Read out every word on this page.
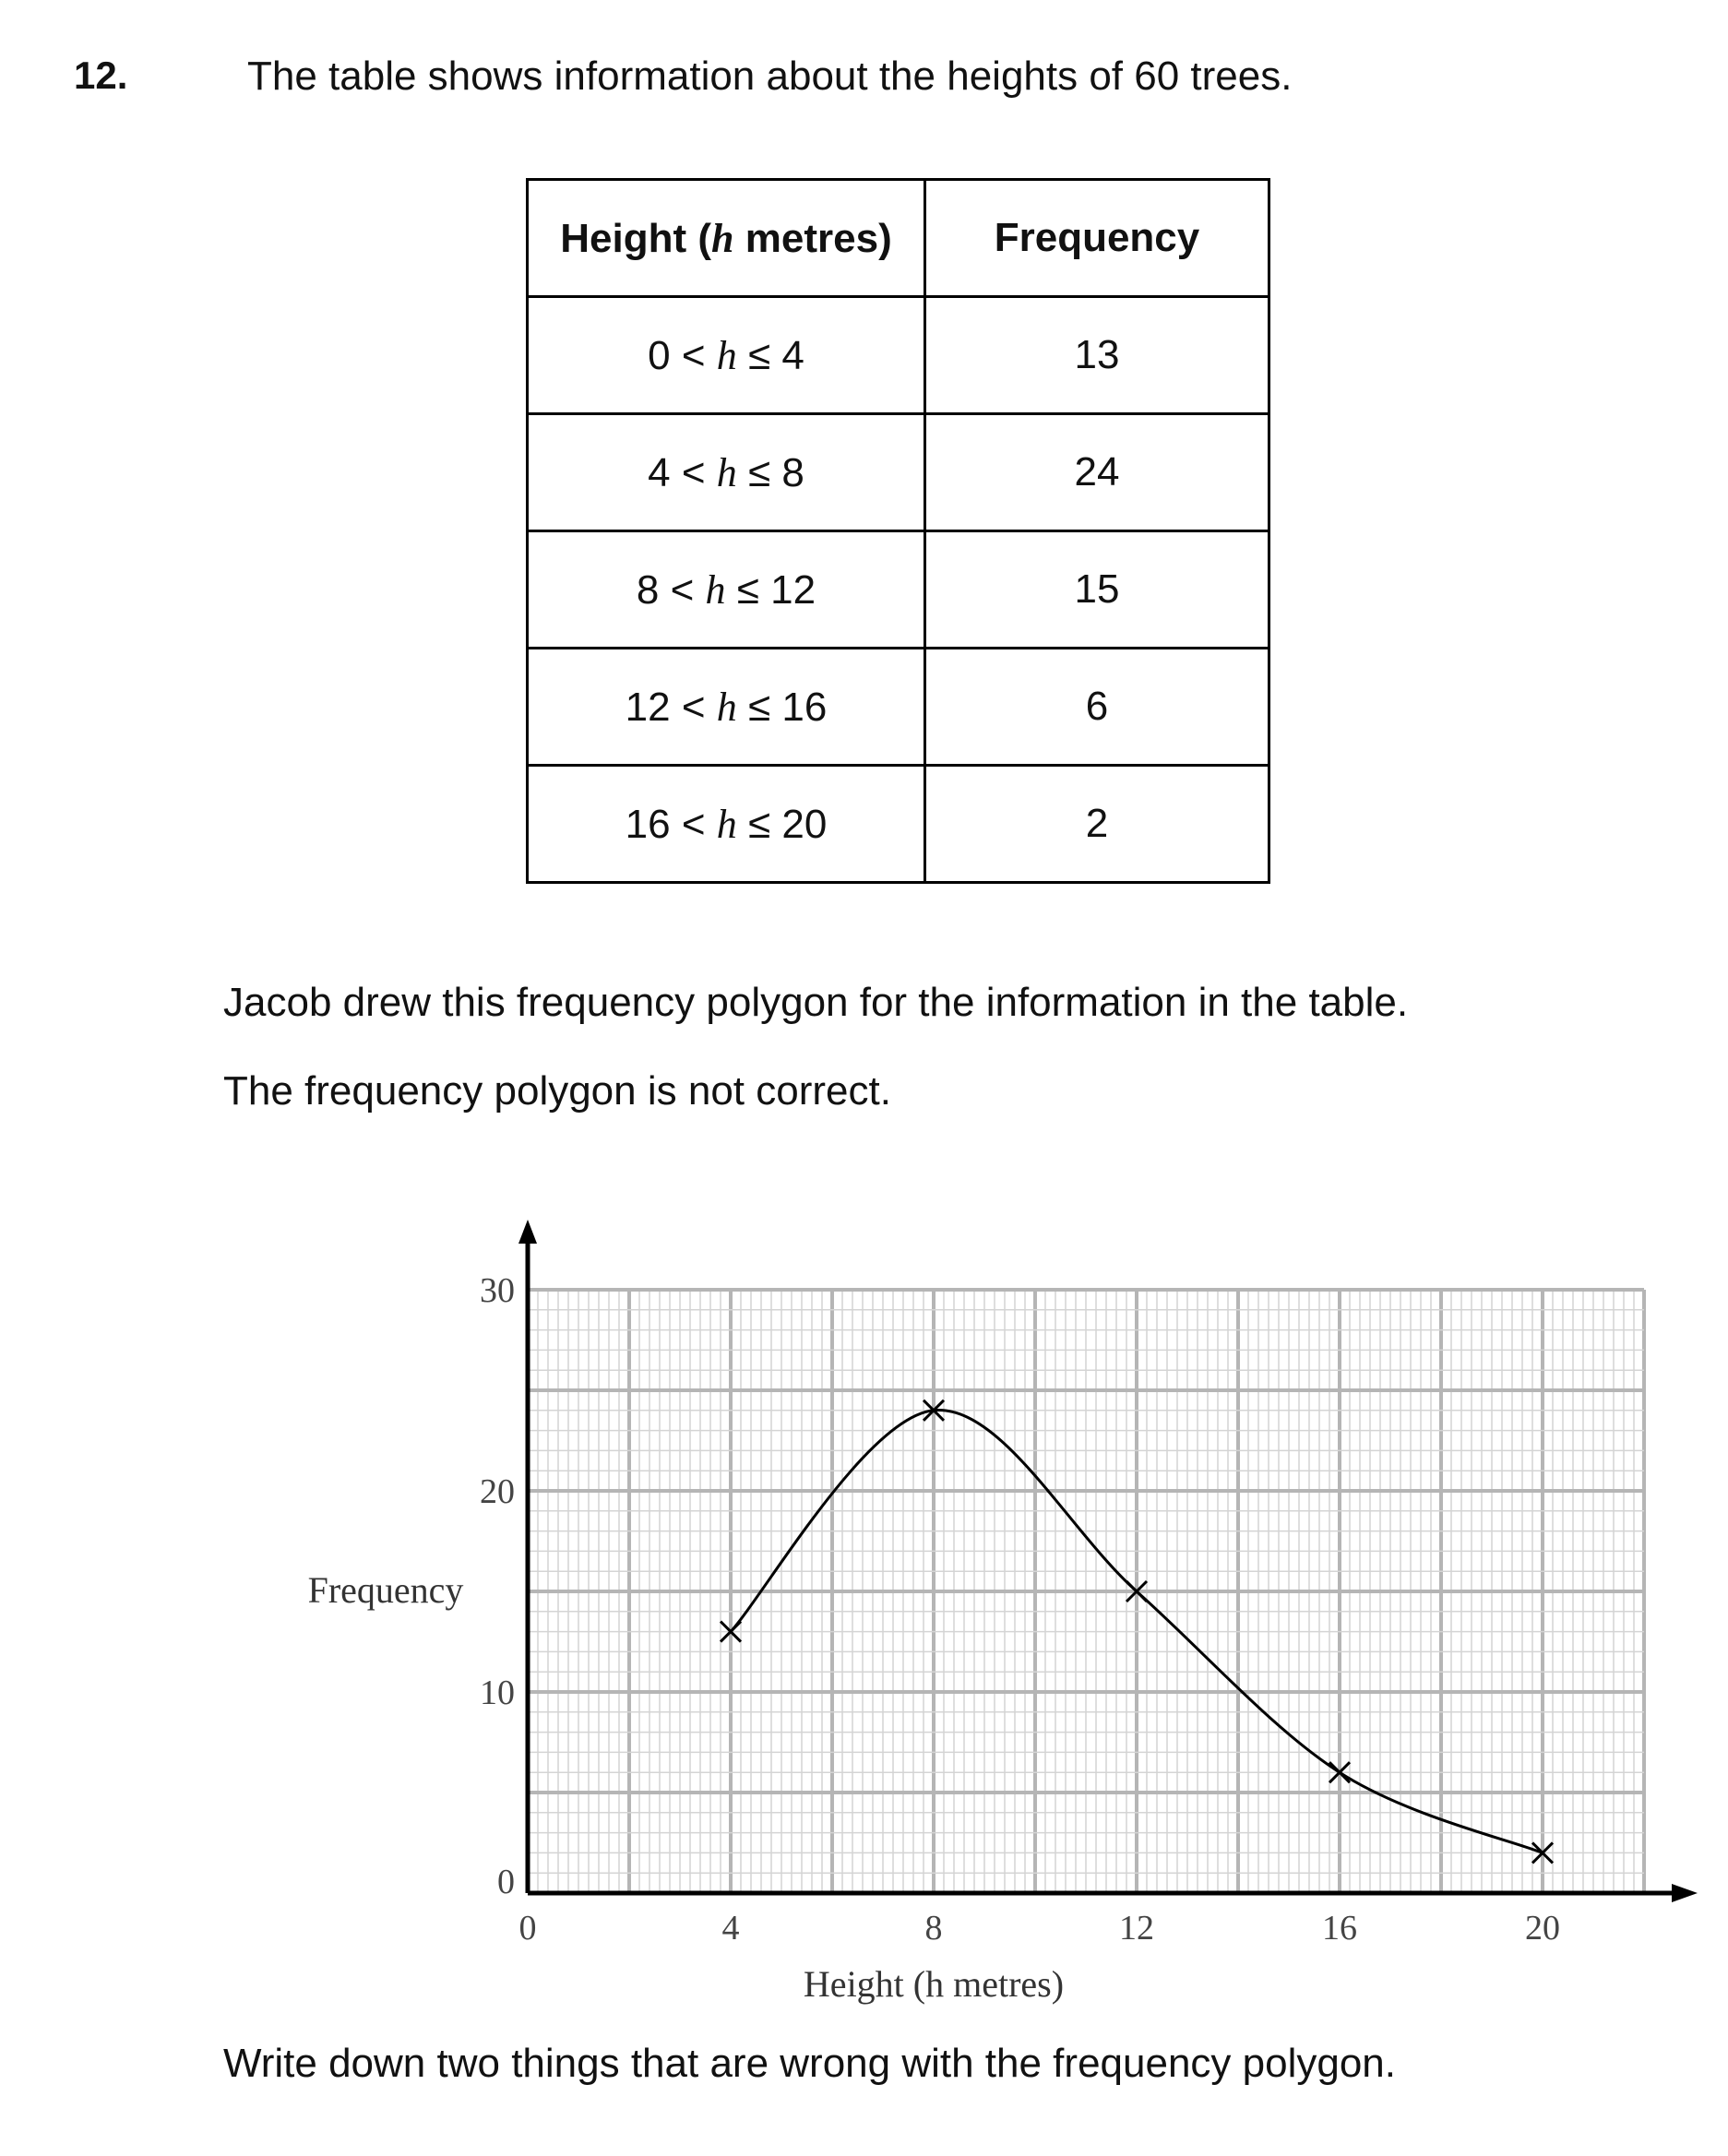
12.	The table shows information about the heights of 60 trees.
Height (h metres)	Frequency
0 < h ≤ 4	13
4 < h ≤ 8	24
8 < h ≤ 12	15
12 < h ≤ 16	6
16 < h ≤ 20	2
Jacob drew this frequency polygon for the information in the table.
The frequency polygon is not correct.
0	4	8	12	16	20
0
10
20
30
Height (h metres)
Frequency
Write down two things that are wrong with the frequency polygon.
